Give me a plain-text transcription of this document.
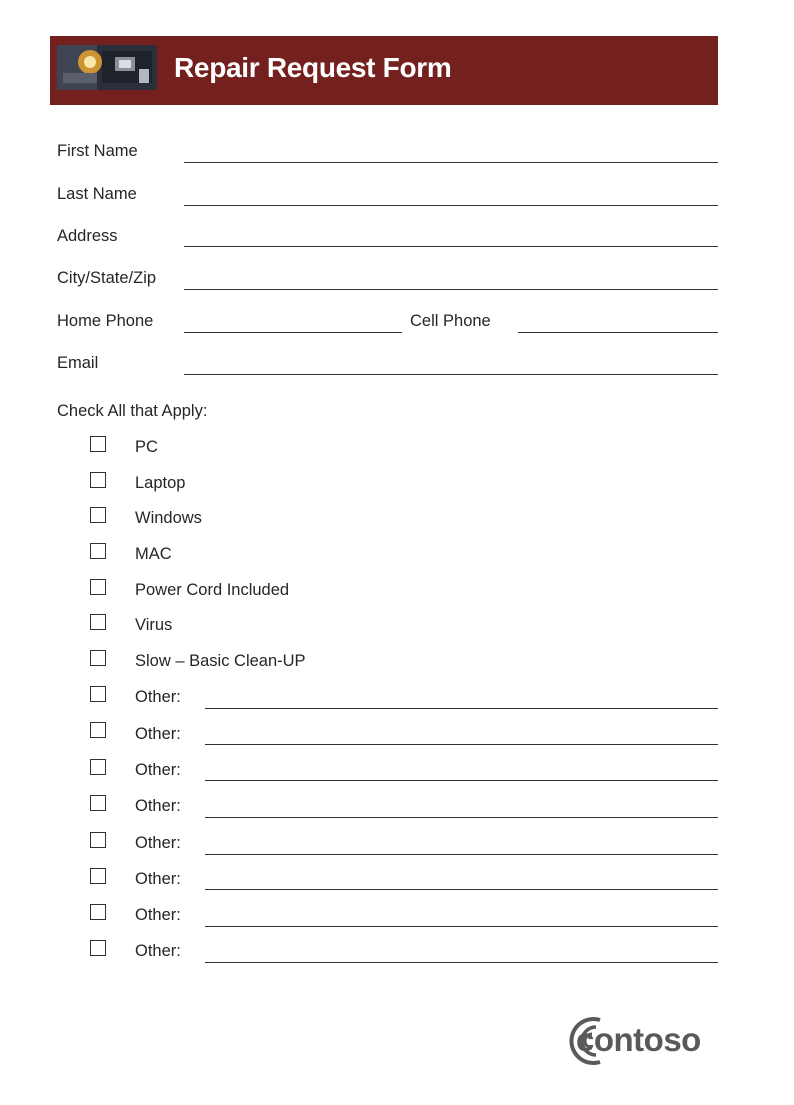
Repair Request Form
First Name
Last Name
Address
City/State/Zip
Home Phone	Cell Phone
Email
Check All that Apply:
PC
Laptop
Windows
MAC
Power Cord Included
Virus
Slow – Basic Clean-UP
Other:
Other:
Other:
Other:
Other:
Other:
Other:
Other:
contoso
